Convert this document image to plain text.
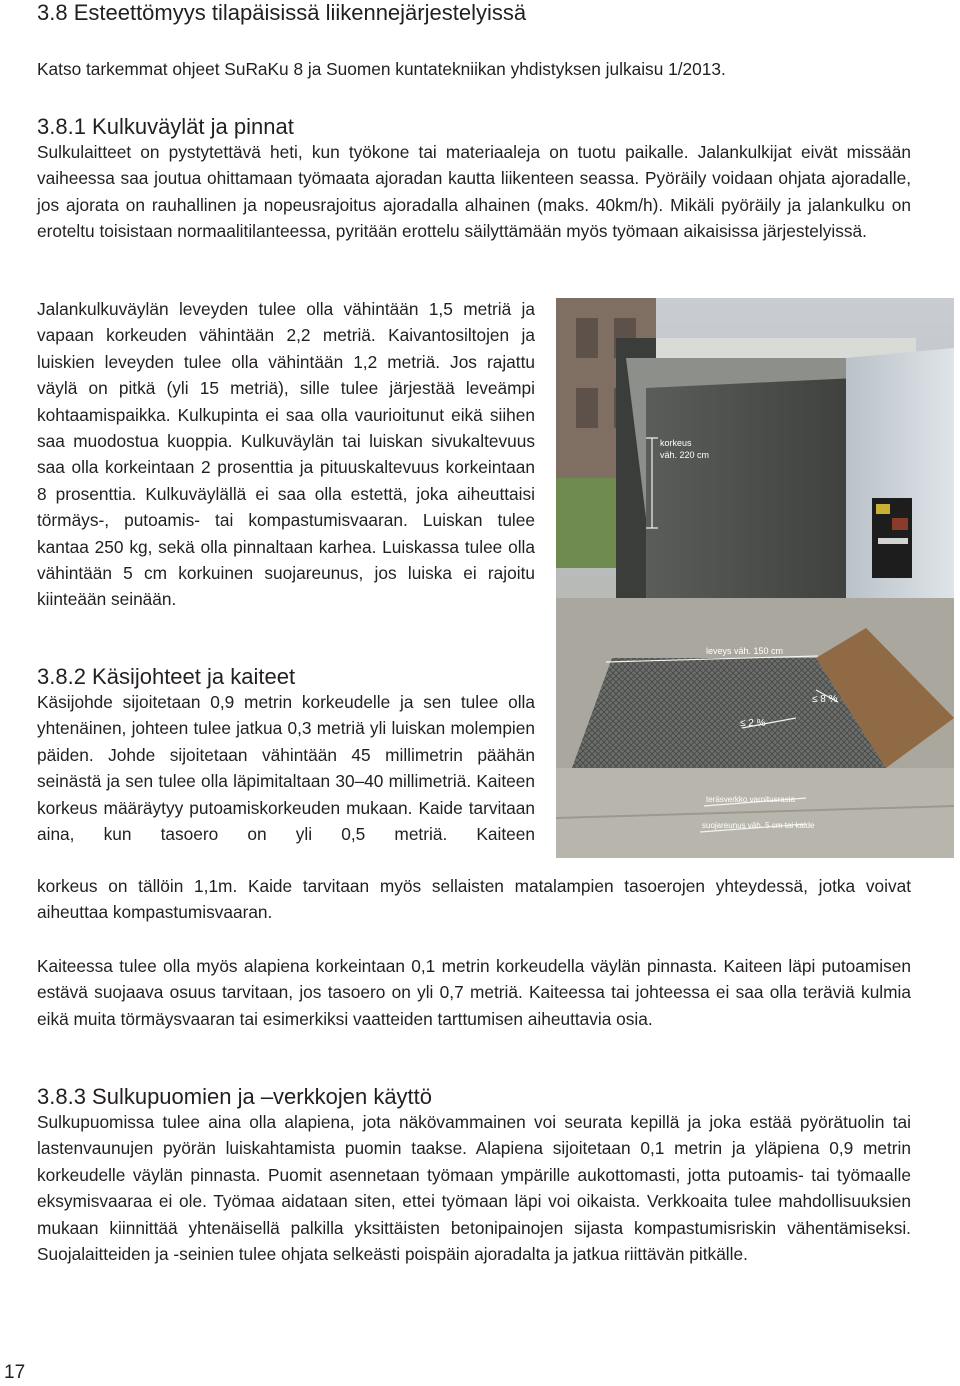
3.8 Esteettömyys tilapäisissä liikennejärjestelyissä

Katso tarkemmat ohjeet SuRaKu 8 ja Suomen kuntatekniikan yhdistyksen julkaisu 1/2013.

3.8.1 Kulkuväylät ja pinnat

Sulkulaitteet on pystytettävä heti, kun työkone tai materiaaleja on tuotu paikalle. Jalankulkijat eivät missään vaiheessa saa joutua ohittamaan työmaata ajoradan kautta liikenteen seassa. Pyöräily voidaan ohjata ajoradalle, jos ajorata on rauhallinen ja nopeusrajoitus ajoradalla alhainen (maks. 40km/h). Mikäli pyöräily ja jalankulku on eroteltu toisistaan normaalitilanteessa, pyritään erottelu säilyttämään myös työmaan aikaisissa järjestelyissä.

Jalankulkuväylän leveyden tulee olla vähintään 1,5 metriä ja vapaan korkeuden vähintään 2,2 metriä. Kaivantosiltojen ja luiskien leveyden tulee olla vähintään 1,2 metriä. Jos rajattu väylä on pitkä (yli 15 metriä), sille tulee järjestää leveämpi kohtaamispaikka. Kulkupinta ei saa olla vaurioitunut eikä siihen saa muodostua kuoppia. Kulkuväylän tai luiskan sivukaltevuus saa olla korkeintaan 2 prosenttia ja pituuskaltevuus korkeintaan 8 prosenttia. Kulkuväylällä ei saa olla estettä, joka aiheuttaisi törmäys-, putoamis- tai kompastumisvaaran. Luiskan tulee kantaa 250 kg, sekä olla pinnaltaan karhea. Luiskassa tulee olla vähintään 5 cm korkuinen suojareunus, jos luiska ei rajoitu kiinteään seinään.

korkeus
väh. 220 cm
leveys väh. 150 cm
≤ 8 %
≤ 2 %
teräsverkko varoitusrasia
suojareunus väh. 5 cm tai kaide
3.8.2 Käsijohteet ja kaiteet

Käsijohde sijoitetaan 0,9 metrin korkeudelle ja sen tulee olla yhtenäinen, johteen tulee jatkua 0,3 metriä yli luiskan molempien päiden. Johde sijoitetaan vähintään 45 millimetrin päähän seinästä ja sen tulee olla läpimitaltaan 30–40 millimetriä. Kaiteen korkeus määräytyy putoamiskorkeuden mukaan. Kaide tarvitaan aina, kun tasoero on yli 0,5 metriä. Kaiteen

korkeus on tällöin 1,1m. Kaide tarvitaan myös sellaisten matalampien tasoerojen yhteydessä, jotka voivat aiheuttaa kompastumisvaaran.

Kaiteessa tulee olla myös alapiena korkeintaan 0,1 metrin korkeudella väylän pinnasta. Kaiteen läpi putoamisen estävä suojaava osuus tarvitaan, jos tasoero on yli 0,7 metriä. Kaiteessa tai johteessa ei saa olla teräviä kulmia eikä muita törmäysvaaran tai esimerkiksi vaatteiden tarttumisen aiheuttavia osia.

3.8.3 Sulkupuomien ja –verkkojen käyttö

Sulkupuomissa tulee aina olla alapiena, jota näkövammainen voi seurata kepillä ja joka estää pyörätuolin tai lastenvaunujen pyörän luiskahtamista puomin taakse. Alapiena sijoitetaan 0,1 metrin ja yläpiena 0,9 metrin korkeudelle väylän pinnasta. Puomit asennetaan työmaan ympärille aukottomasti, jotta putoamis- tai työmaalle eksymisvaaraa ei ole. Työmaa aidataan siten, ettei työmaan läpi voi oikaista. Verkkoaita tulee mahdollisuuksien mukaan kiinnittää yhtenäisellä palkilla yksittäisten betonipainojen sijasta kompastumisriskin vähentämiseksi. Suojalaitteiden ja -seinien tulee ohjata selkeästi poispäin ajoradalta ja jatkua riittävän pitkälle.

17
